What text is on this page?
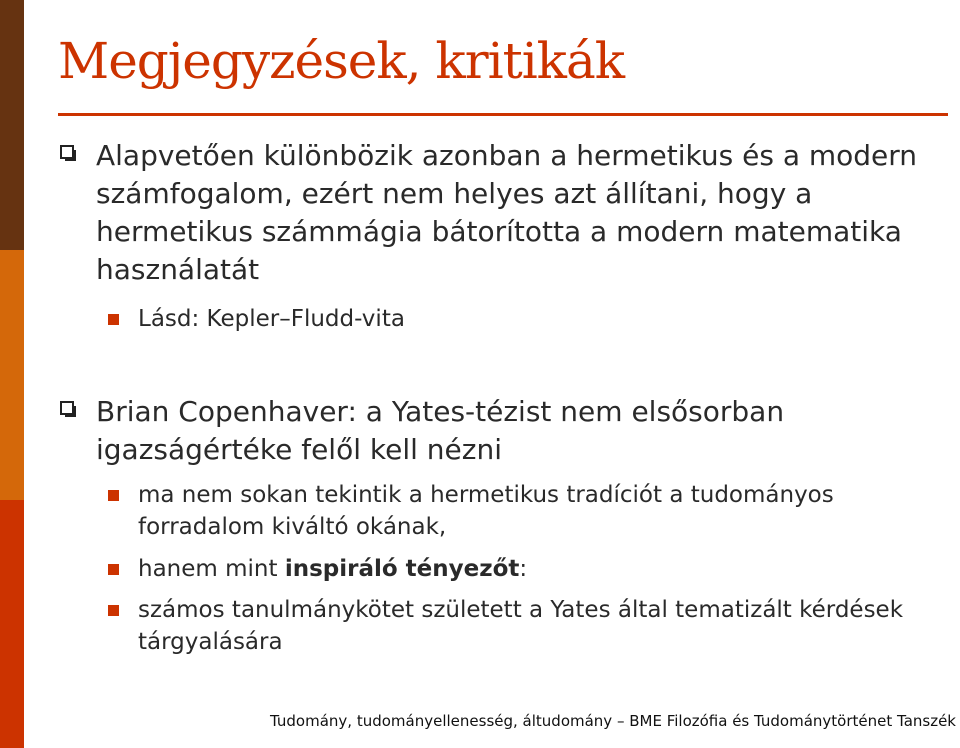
Megjegyzések, kritikák
Alapvetően különbözik azonban a hermetikus és a modern számfogalom, ezért nem helyes azt állítani, hogy a hermetikus számmágia bátorította a modern matematika használatát
Lásd: Kepler–Fludd-vita
Brian Copenhaver: a Yates-tézist nem elsősorban igazságértéke felől kell nézni
ma nem sokan tekintik a hermetikus tradíciót a tudományos forradalom kiváltó okának,
hanem mint inspiráló tényezőt:
számos tanulmánykötet született a Yates által tematizált kérdések tárgyalására
Tudomány, tudományellenesség, áltudomány – BME Filozófia és Tudománytörténet Tanszék
